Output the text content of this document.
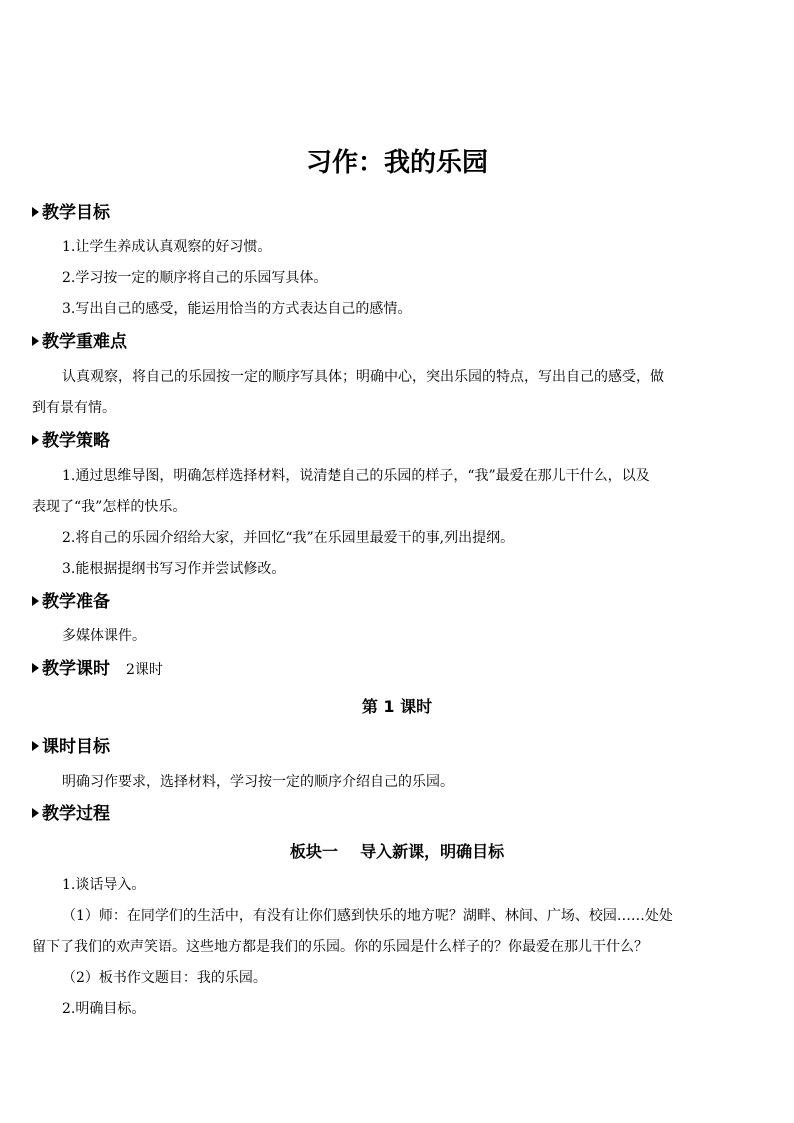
习作：我的乐园
教学目标
1.让学生养成认真观察的好习惯。
2.学习按一定的顺序将自己的乐园写具体。
3.写出自己的感受，能运用恰当的方式表达自己的感情。
教学重难点
认真观察，将自己的乐园按一定的顺序写具体；明确中心，突出乐园的特点，写出自己的感受，做
到有景有情。
教学策略
1.通过思维导图，明确怎样选择材料，说清楚自己的乐园的样子，“我”最爱在那儿干什么，以及
表现了“我”怎样的快乐。
2.将自己的乐园介绍给大家，并回忆“我”在乐园里最爱干的事,列出提纲。
3.能根据提纲书写习作并尝试修改。
教学准备
多媒体课件。
教学课时 2课时
第 1 课时
课时目标
明确习作要求，选择材料，学习按一定的顺序介绍自己的乐园。
教学过程
板块一    导入新课，明确目标
1.谈话导入。
（1）师：在同学们的生活中，有没有让你们感到快乐的地方呢？湖畔、林间、广场、校园……处处
留下了我们的欢声笑语。这些地方都是我们的乐园。你的乐园是什么样子的？你最爱在那儿干什么？
（2）板书作文题目：我的乐园。
2.明确目标。
